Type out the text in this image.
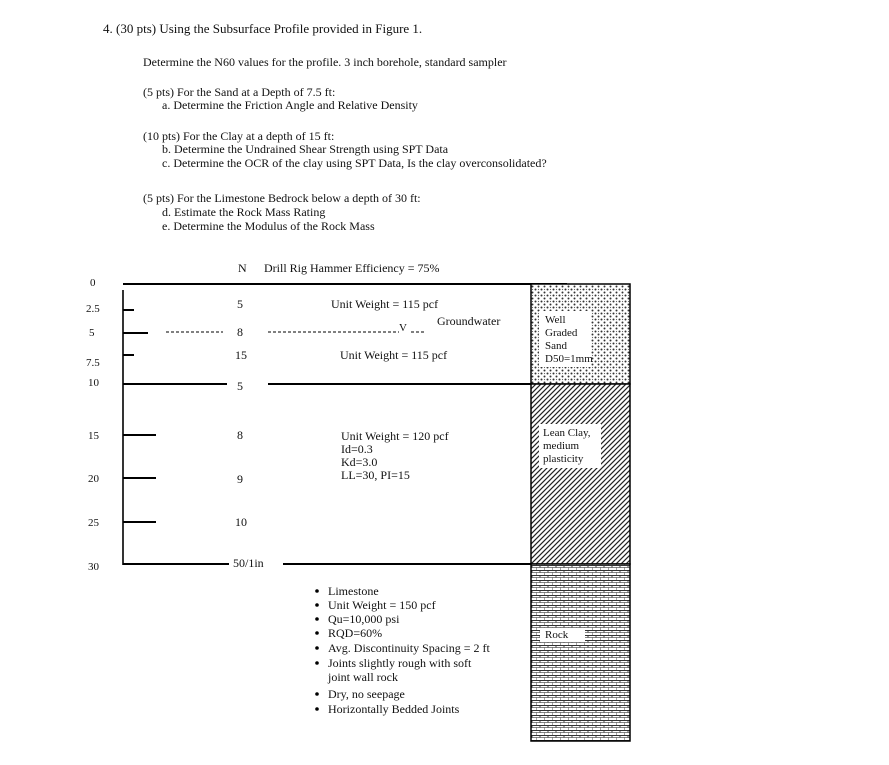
4. (30 pts) Using the Subsurface Profile provided in Figure 1.
Determine the N60 values for the profile. 3 inch borehole, standard sampler
(5 pts) For the Sand at a Depth of 7.5 ft:
a. Determine the Friction Angle and Relative Density
(10 pts) For the Clay at a depth of 15 ft:
b. Determine the Undrained Shear Strength using SPT Data
c. Determine the OCR of the clay using SPT Data, Is the clay overconsolidated?
(5 pts) For the Limestone Bedrock below a depth of 30 ft:
d. Estimate the Rock Mass Rating
e. Determine the Modulus of the Rock Mass
N Drill Rig Hammer Efficiency = 75%
0
2.5
5
7.5
10
15
20
25
30
5
8
15
5
8
9
10
50/1in
Unit Weight = 115 pcf
Unit Weight = 115 pcf
V	Groundwater	Well
Graded
Sand
D50=1mm
Unit Weight = 120 pcf
Id=0.3
Kd=3.0
LL=30, PI=15
Lean Clay,
medium
plasticity
Limestone
Unit Weight = 150 pcf
Qu=10,000 psi
RQD=60%
Avg. Discontinuity Spacing = 2 ft
Joints slightly rough with soft
joint wall rock
Dry, no seepage
Horizontally Bedded Joints
Rock
